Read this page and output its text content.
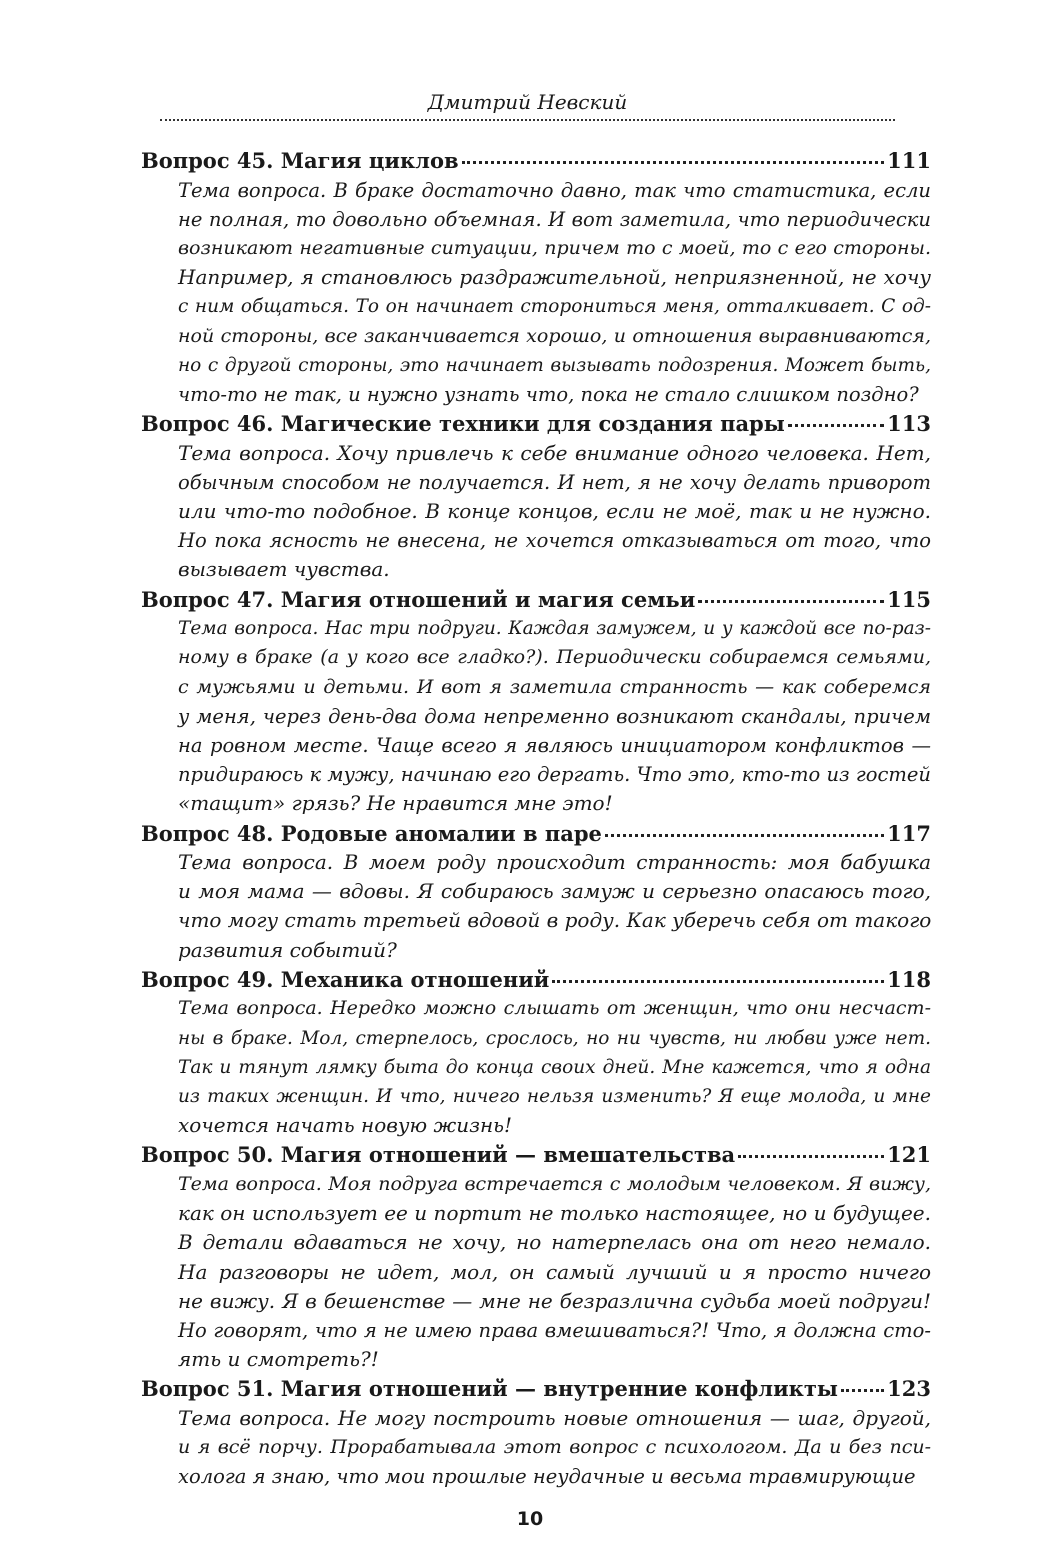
Дмитрий Невский
Вопрос 45. Магия циклов	111
Тема вопроса. В браке достаточно давно, так что статистика, если
не полная, то довольно объемная. И вот заметила, что периодически
возникают негативные ситуации, причем то с моей, то с его стороны.
Например, я становлюсь раздражительной, неприязненной, не хочу
с ним общаться. То он начинает сторониться меня, отталкивает. С од-
ной стороны, все заканчивается хорошо, и отношения выравниваются,
но с другой стороны, это начинает вызывать подозрения. Может быть,
что-то не так, и нужно узнать что, пока не стало слишком поздно?
Вопрос 46. Магические техники для создания пары	113
Тема вопроса. Хочу привлечь к себе внимание одного человека. Нет,
обычным способом не получается. И нет, я не хочу делать приворот
или что-то подобное. В конце концов, если не моё, так и не нужно.
Но пока ясность не внесена, не хочется отказываться от того, что
вызывает чувства.
Вопрос 47. Магия отношений и магия семьи	115
Тема вопроса. Нас три подруги. Каждая замужем, и у каждой все по-раз-
ному в браке (а у кого все гладко?). Периодически собираемся семьями,
с мужьями и детьми. И вот я заметила странность — как соберемся
у меня, через день-два дома непременно возникают скандалы, причем
на ровном месте. Чаще всего я являюсь инициатором конфликтов —
придираюсь к мужу, начинаю его дергать. Что это, кто-то из гостей
«тащит» грязь? Не нравится мне это!
Вопрос 48. Родовые аномалии в паре	117
Тема вопроса. В моем роду происходит странность: моя бабушка
и моя мама — вдовы. Я собираюсь замуж и серьезно опасаюсь того,
что могу стать третьей вдовой в роду. Как уберечь себя от такого
развития событий?
Вопрос 49. Механика отношений	118
Тема вопроса. Нередко можно слышать от женщин, что они несчаст-
ны в браке. Мол, стерпелось, срослось, но ни чувств, ни любви уже нет.
Так и тянут лямку быта до конца своих дней. Мне кажется, что я одна
из таких женщин. И что, ничего нельзя изменить? Я еще молода, и мне
хочется начать новую жизнь!
Вопрос 50. Магия отношений — вмешательства	121
Тема вопроса. Моя подруга встречается с молодым человеком. Я вижу,
как он использует ее и портит не только настоящее, но и будущее.
В детали вдаваться не хочу, но натерпелась она от него немало.
На разговоры не идет, мол, он самый лучший и я просто ничего
не вижу. Я в бешенстве — мне не безразлична судьба моей подруги!
Но говорят, что я не имею права вмешиваться?! Что, я должна сто-
ять и смотреть?!
Вопрос 51. Магия отношений — внутренние конфликты 123
Тема вопроса. Не могу построить новые отношения — шаг, другой,
и я всё порчу. Прорабатывала этот вопрос с психологом. Да и без пси-
холога я знаю, что мои прошлые неудачные и весьма травмирующие
10
